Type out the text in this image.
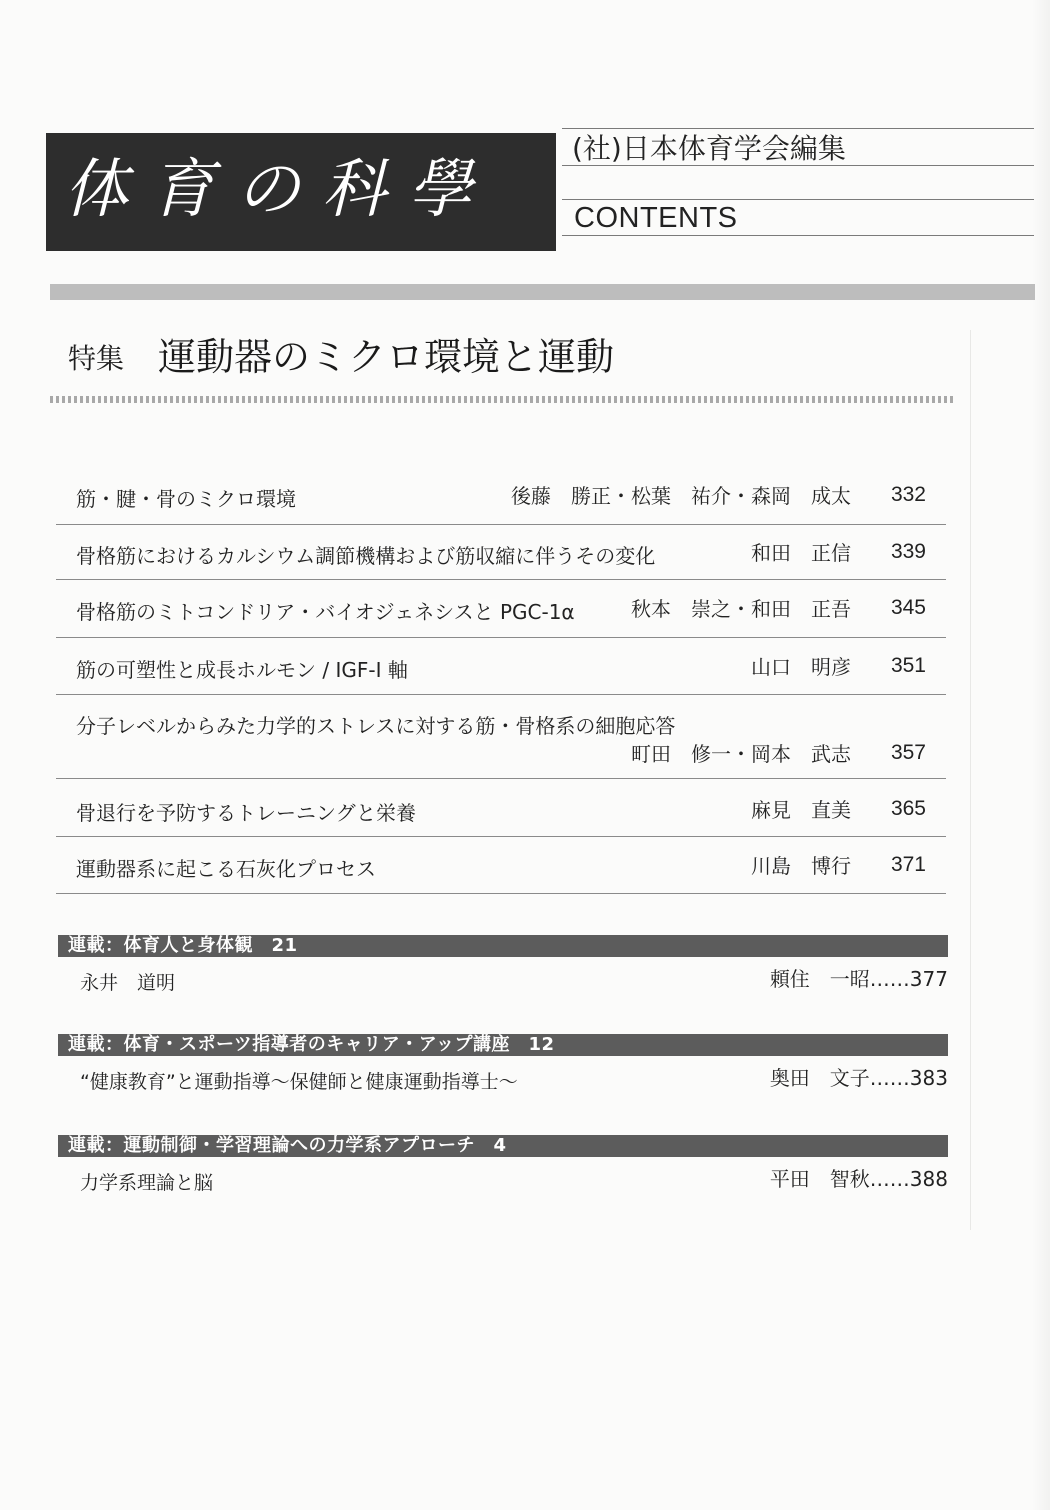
体育の科學
(社)日本体育学会編集
CONTENTS
特集 運動器のミクロ環境と運動
筋・腱・骨のミクロ環境	後藤　勝正・松葉　祐介・森岡　成太 332
骨格筋におけるカルシウム調節機構および筋収縮に伴うその変化	和田　正信 339
骨格筋のミトコンドリア・バイオジェネシスと PGC-1α	秋本　崇之・和田　正吾 345
筋の可塑性と成長ホルモン / IGF-I 軸	山口　明彦 351
分子レベルからみた力学的ストレスに対する筋・骨格系の細胞応答
町田　修一・岡本　武志 357
骨退行を予防するトレーニングと栄養	麻見　直美 365
運動器系に起こる石灰化プロセス	川島　博行 371
連載：体育人と身体観　21
永井　道明	頼住　一昭……377
連載：体育・スポーツ指導者のキャリア・アップ講座　12
“健康教育”と運動指導～保健師と健康運動指導士～	奥田　文子……383
連載：運動制御・学習理論への力学系アプローチ　4
力学系理論と脳	平田　智秋……388
